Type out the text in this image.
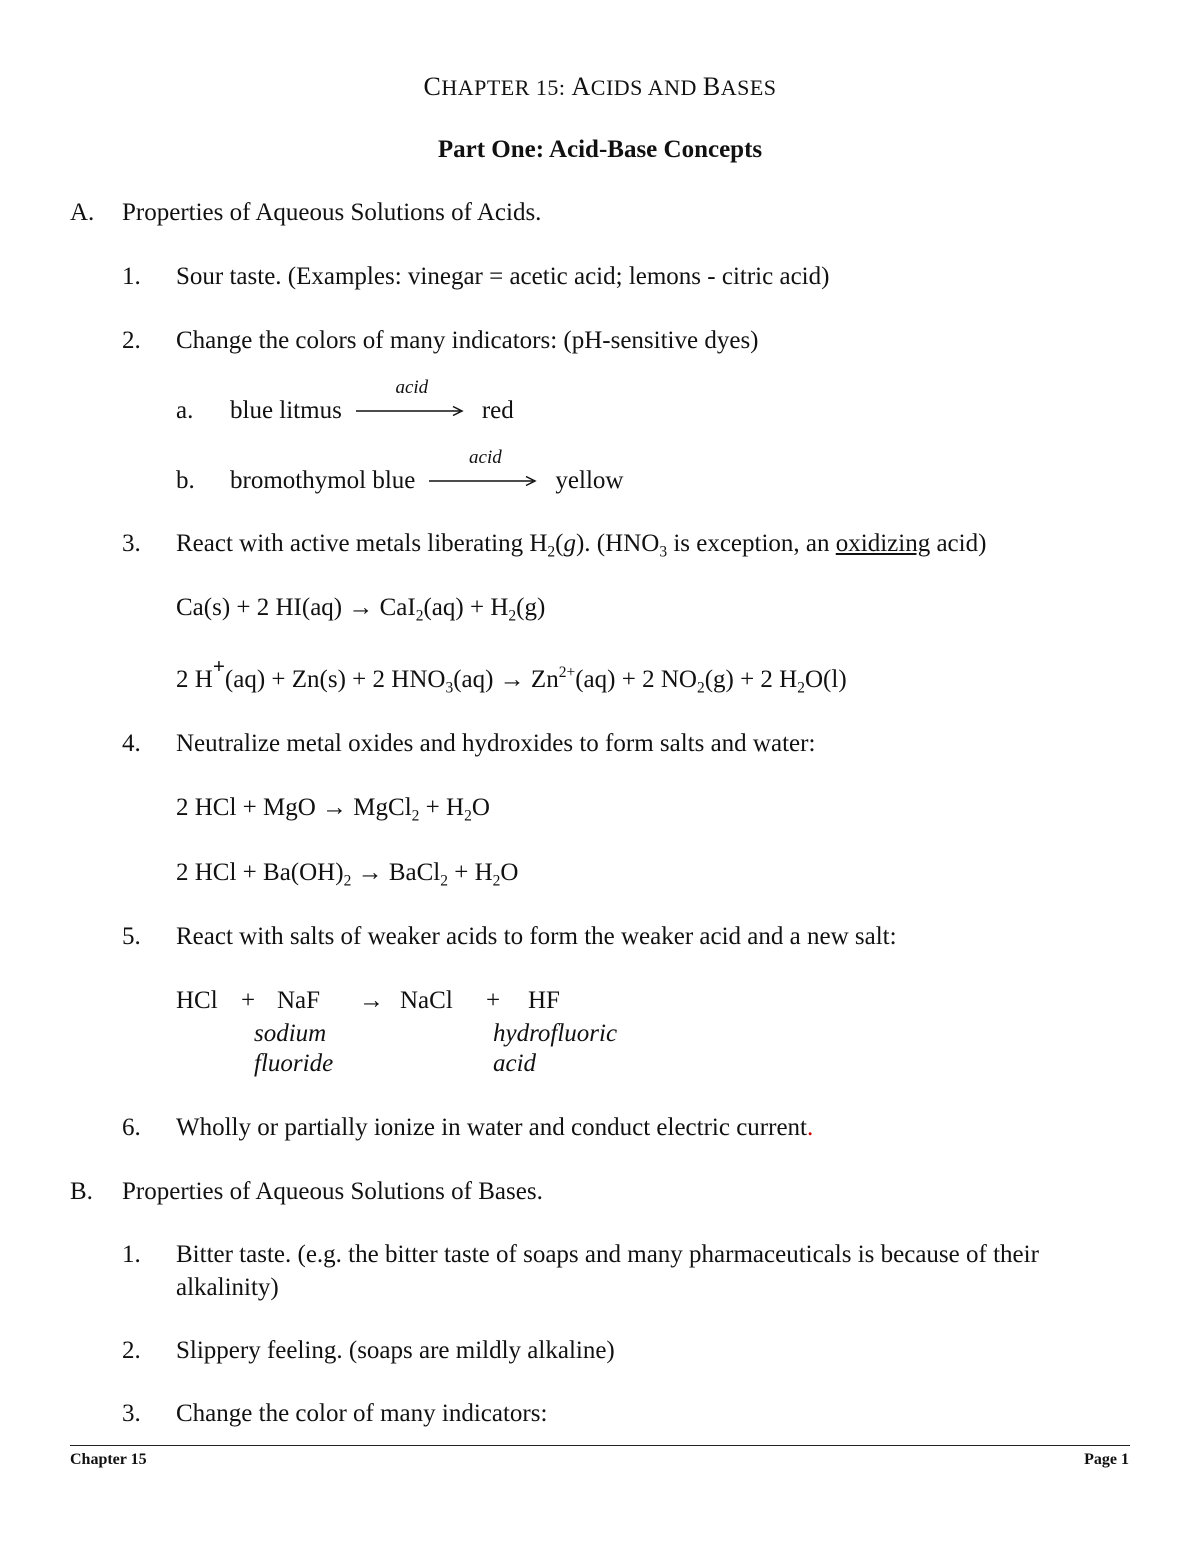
CHAPTER 15: ACIDS AND BASES
Part One: Acid-Base Concepts
A. Properties of Aqueous Solutions of Acids.
1. Sour taste. (Examples: vinegar = acetic acid; lemons - citric acid)
2. Change the colors of many indicators: (pH-sensitive dyes)
a. blue litmus
acid
red
b. bromothymol blue
acid
yellow
3. React with active metals liberating $H_2(g)$. ($HNO_3$ is exception, an oxidizing acid)
Ca(s) + 2 $HI(aq) \to CaI_2(aq) + H_2(g)$
2 H+(aq) + Zn(s) + 2 $HNO_3(aq) \to Zn^{2+}(aq) + 2$ $NO_2(g) + 2$ $H_2O(l)$
4. Neutralize metal oxides and hydroxides to form salts and water:
2 HCl + MgO → MgCl$_2$ + $H_2O$
2 HCl + $Ba(OH)_2$ → BaCl$_2$ + $H_2O$
5. React with salts of weaker acids to form the weaker acid and a new salt:
HCl + NaF → NaCl + HF
sodium
fluoride
hydrofluoric
acid
6. Wholly or partially ionize in water and conduct electric current.
B. Properties of Aqueous Solutions of Bases.
1. Bitter taste. (e.g. the bitter taste of soaps and many pharmaceuticals is because of their
alkalinity)
2. Slippery feeling. (soaps are mildly alkaline)
3. Change the color of many indicators:
Chapter 15	Page 1
